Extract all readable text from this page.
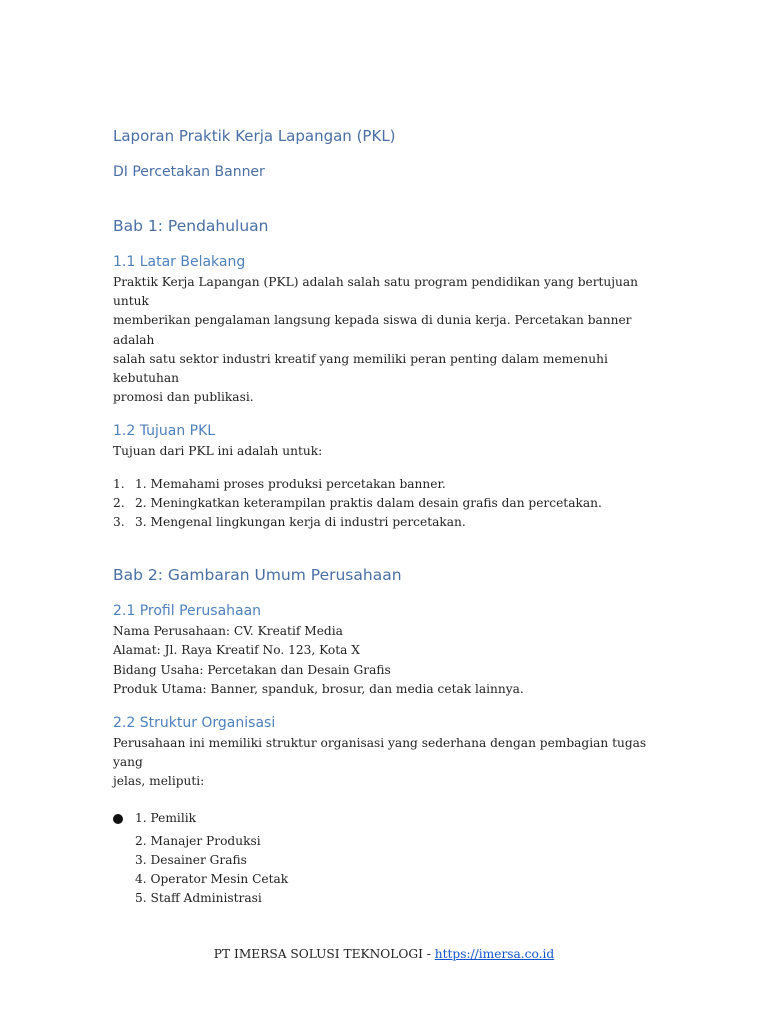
Laporan Praktik Kerja Lapangan (PKL)
DI Percetakan Banner
Bab 1: Pendahuluan
1.1 Latar Belakang
Praktik Kerja Lapangan (PKL) adalah salah satu program pendidikan yang bertujuan untuk
memberikan pengalaman langsung kepada siswa di dunia kerja. Percetakan banner adalah
salah satu sektor industri kreatif yang memiliki peran penting dalam memenuhi kebutuhan
promosi dan publikasi.
1.2 Tujuan PKL

Tujuan dari PKL ini adalah untuk:

1. 1. Memahami proses produksi percetakan banner.
2. 2. Meningkatkan keterampilan praktis dalam desain grafis dan percetakan.
3. 3. Mengenal lingkungan kerja di industri percetakan.
Bab 2: Gambaran Umum Perusahaan
2.1 Profil Perusahaan
Nama Perusahaan: CV. Kreatif Media
Alamat: Jl. Raya Kreatif No. 123, Kota X
Bidang Usaha: Percetakan dan Desain Grafis
Produk Utama: Banner, spanduk, brosur, dan media cetak lainnya.
2.2 Struktur Organisasi
Perusahaan ini memiliki struktur organisasi yang sederhana dengan pembagian tugas yang
jelas, meliputi:
1. Pemilik
2. Manajer Produksi
3. Desainer Grafis
4. Operator Mesin Cetak
5. Staff Administrasi
PT IMERSA SOLUSI TEKNOLOGI - https://imersa.co.id
